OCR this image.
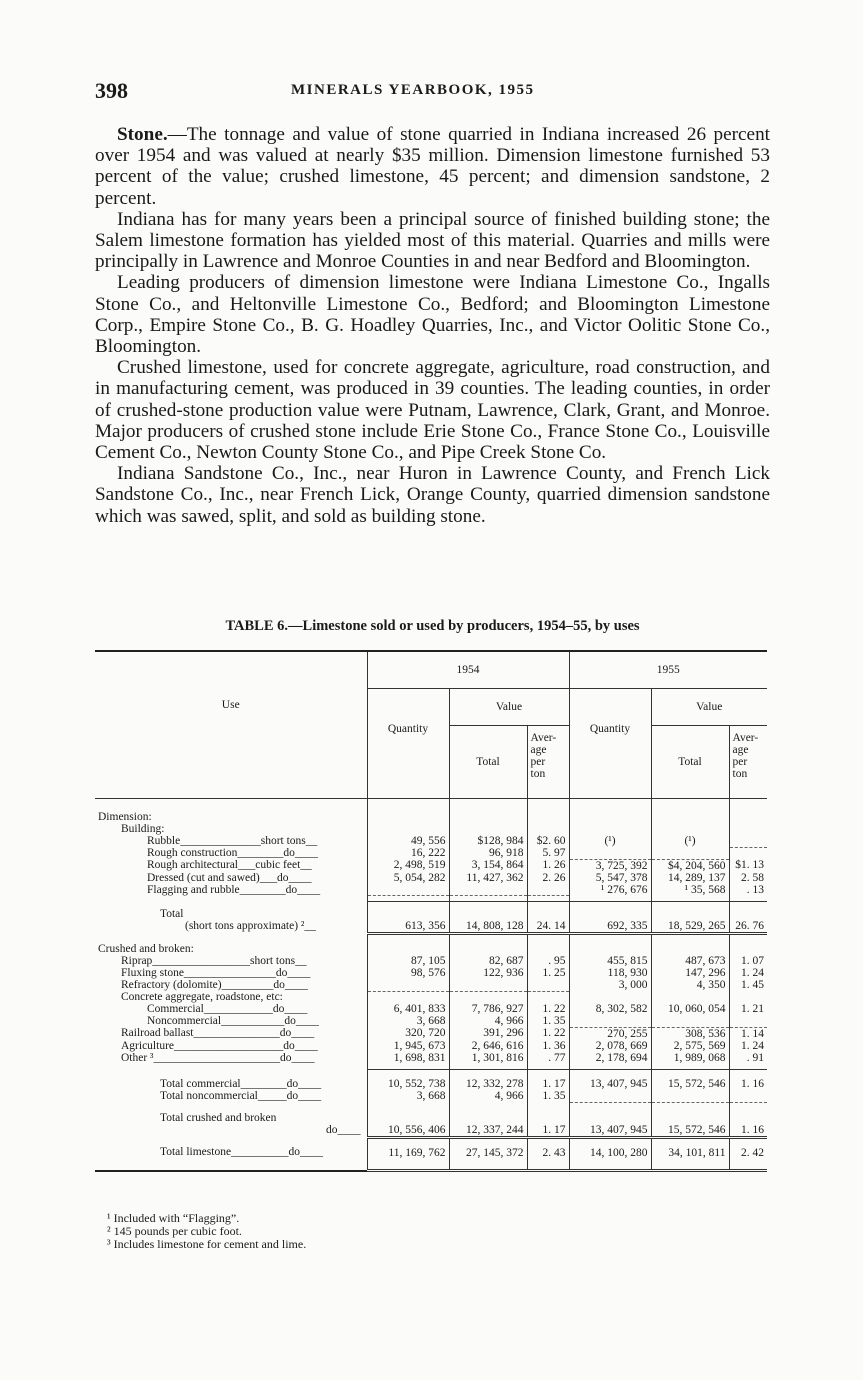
398	MINERALS YEARBOOK, 1955

Stone.—The tonnage and value of stone quarried in Indiana increased 26 percent over 1954 and was valued at nearly $35 million. Dimension limestone furnished 53 percent of the value; crushed limestone, 45 percent; and dimension sandstone, 2 percent.

Indiana has for many years been a principal source of finished building stone; the Salem limestone formation has yielded most of this material. Quarries and mills were principally in Lawrence and Monroe Counties in and near Bedford and Bloomington.

Leading producers of dimension limestone were Indiana Limestone Co., Ingalls Stone Co., and Heltonville Limestone Co., Bedford; and Bloomington Limestone Corp., Empire Stone Co., B. G. Hoadley Quarries, Inc., and Victor Oolitic Stone Co., Bloomington.

Crushed limestone, used for concrete aggregate, agriculture, road construction, and in manufacturing cement, was produced in 39 counties. The leading counties, in order of crushed-stone production value were Putnam, Lawrence, Clark, Grant, and Monroe. Major producers of crushed stone include Erie Stone Co., France Stone Co., Louisville Cement Co., Newton County Stone Co., and Pipe Creek Stone Co.

Indiana Sandstone Co., Inc., near Huron in Lawrence County, and French Lick Sandstone Co., Inc., near French Lick, Orange County, quarried dimension sandstone which was sawed, split, and sold as building stone.

TABLE 6.—Limestone sold or used by producers, 1954–55, by uses
Use	1954			1955		
	Quantity	Value		Quantity	Value	
		Total	Aver-
age
per
ton		Total	Aver-
age
per
ton
Dimension:						
Building:						
Rubble______________short tons__	49, 556	$128, 984	$2. 60	(¹)	(¹)	
Rough construction________do____	16, 222	96, 918	5. 97			
Rough architectural___cubic feet__	2, 498, 519	3, 154, 864	1. 26	3, 725, 392	$4, 204, 560	$1. 13
Dressed (cut and sawed)___do____	5, 054, 282	11, 427, 362	2. 26	5, 547, 378	14, 289, 137	2. 58
Flagging and rubble________do____				¹ 276, 676	¹ 35, 568	. 13

Total						
(short tons approximate) ²__	613, 356	14, 808, 128	24. 14	692, 335	18, 529, 265	26. 76
Crushed and broken:						
Riprap_________________short tons__	87, 105	82, 687	. 95	455, 815	487, 673	1. 07
Fluxing stone________________do____	98, 576	122, 936	1. 25	118, 930	147, 296	1. 24
Refractory (dolomite)_________do____				3, 000	4, 350	1. 45
Concrete aggregate, roadstone, etc:						
Commercial____________do____	6, 401, 833	7, 786, 927	1. 22	8, 302, 582	10, 060, 054	1. 21
Noncommercial___________do____	3, 668	4, 966	1. 35			
Railroad ballast_______________do____	320, 720	391, 296	1. 22	270, 255	308, 536	1. 14
Agriculture___________________do____	1, 945, 673	2, 646, 616	1. 36	2, 078, 669	2, 575, 569	1. 24
Other ³______________________do____	1, 698, 831	1, 301, 816	. 77	2, 178, 694	1, 989, 068	. 91

Total commercial________do____	10, 552, 738	12, 332, 278	1. 17	13, 407, 945	15, 572, 546	1. 16
Total noncommercial_____do____	3, 668	4, 966	1. 35			
Total crushed and broken						
do____	10, 556, 406	12, 337, 244	1. 17	13, 407, 945	15, 572, 546	1. 16
Total limestone__________do____	11, 169, 762	27, 145, 372	2. 43	14, 100, 280	34, 101, 811	2. 42
¹ Included with “Flagging”.
² 145 pounds per cubic foot.
³ Includes limestone for cement and lime.
